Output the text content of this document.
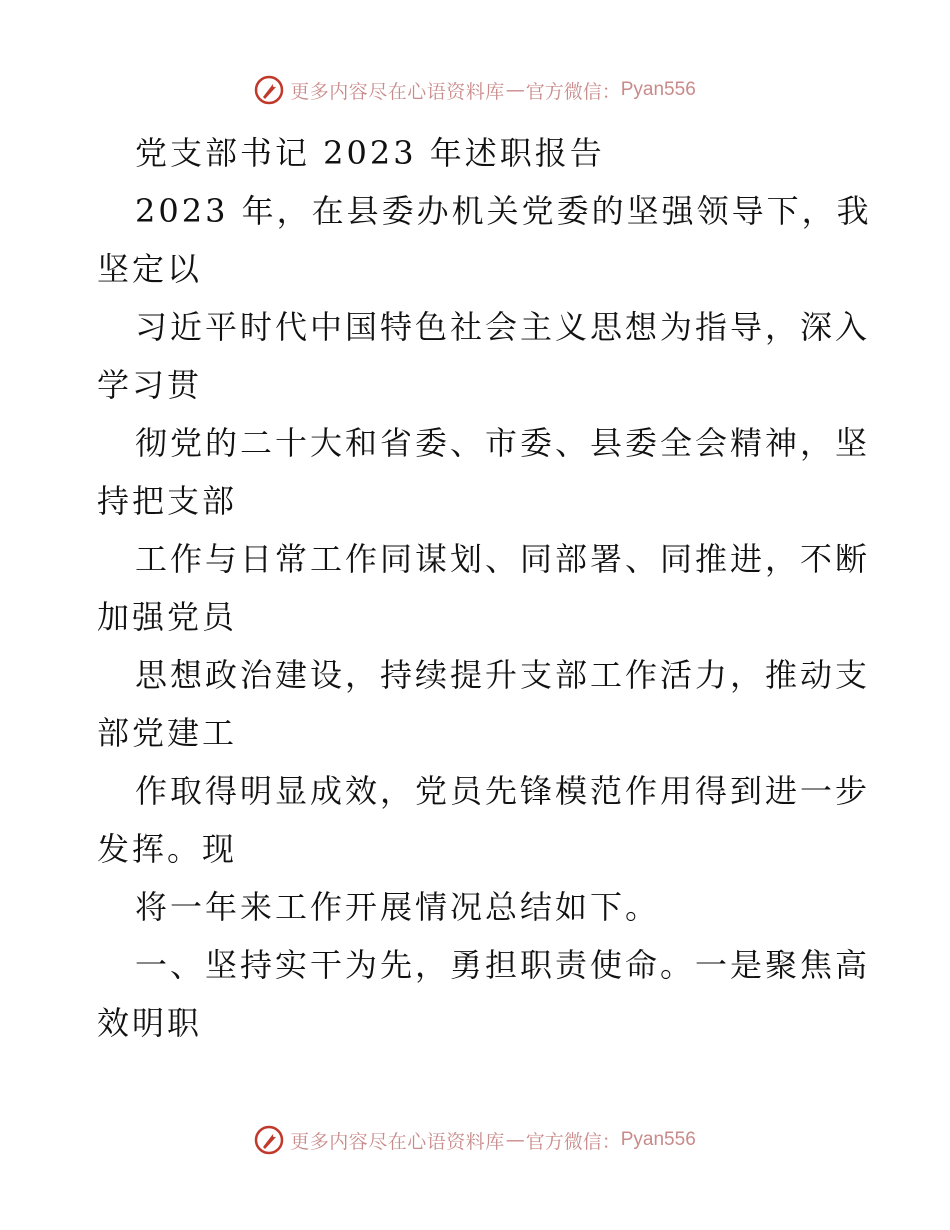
更多内容尽在心语资料库 — 官方微信： Pyan556
党支部书记 2023 年述职报告
2023 年，在县委办机关党委的坚强领导下，我
坚定以
习近平时代中国特色社会主义思想为指导，深入
学习贯
彻党的二十大和省委、市委、县委全会精神，坚
持把支部
工作与日常工作同谋划、同部署、同推进，不断
加强党员
思想政治建设，持续提升支部工作活力，推动支
部党建工
作取得明显成效，党员先锋模范作用得到进一步
发挥。现
将一年来工作开展情况总结如下。
一、坚持实干为先，勇担职责使命。一是聚焦高
效明职
更多内容尽在心语资料库 — 官方微信： Pyan556
